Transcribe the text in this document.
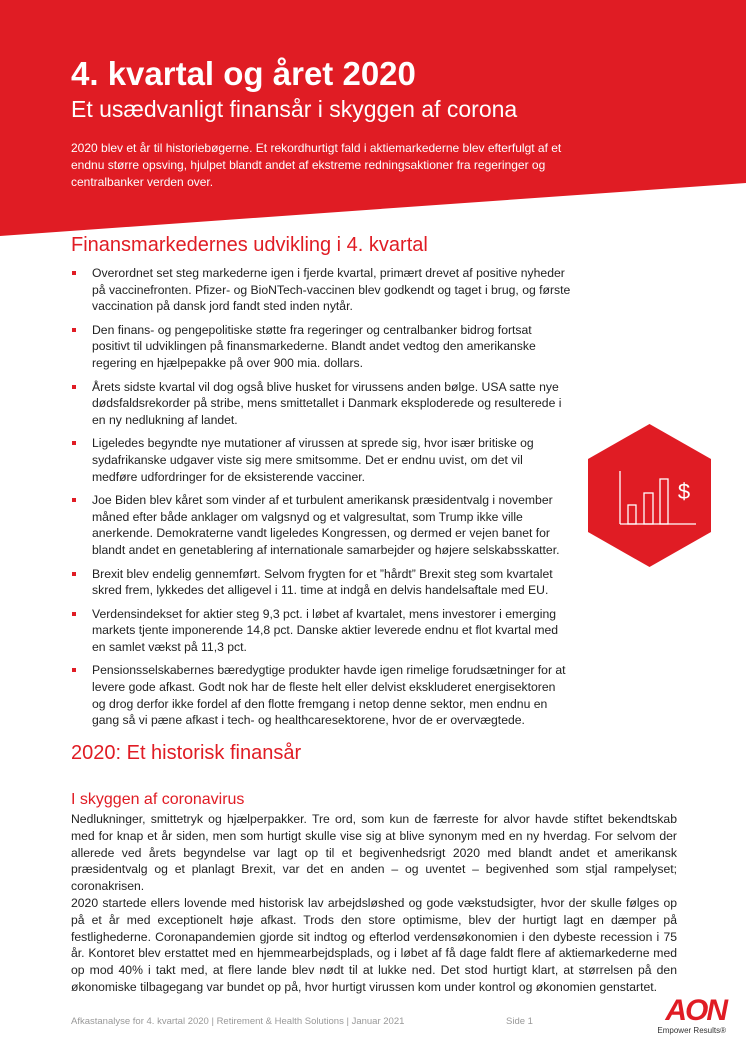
4. kvartal og året 2020
Et usædvanligt finansår i skyggen af corona
2020 blev et år til historiebøgerne. Et rekordhurtigt fald i aktiemarkederne blev efterfulgt af et endnu større opsving, hjulpet blandt andet af ekstreme redningsaktioner fra regeringer og centralbanker verden over.
Finansmarkedernes udvikling i 4. kvartal
Overordnet set steg markederne igen i fjerde kvartal, primært drevet af positive nyheder på vaccinefronten. Pfizer- og BioNTech-vaccinen blev godkendt og taget i brug, og første vaccination på dansk jord fandt sted inden nytår.
Den finans- og pengepolitiske støtte fra regeringer og centralbanker bidrog fortsat positivt til udviklingen på finansmarkederne. Blandt andet vedtog den amerikanske regering en hjælpepakke på over 900 mia. dollars.
Årets sidste kvartal vil dog også blive husket for virussens anden bølge. USA satte nye dødsfaldsrekorder på stribe, mens smittetallet i Danmark eksploderede og resulterede i en ny nedlukning af landet.
Ligeledes begyndte nye mutationer af virussen at sprede sig, hvor især britiske og sydafrikanske udgaver viste sig mere smitsomme. Det er endnu uvist, om det vil medføre udfordringer for de eksisterende vacciner.
Joe Biden blev kåret som vinder af et turbulent amerikansk præsidentvalg i november måned efter både anklager om valgsnyd og et valgresultat, som Trump ikke ville anerkende. Demokraterne vandt ligeledes Kongressen, og dermed er vejen banet for blandt andet en genetablering af internationale samarbejder og højere selskabsskatter.
Brexit blev endelig gennemført. Selvom frygten for et ”hårdt” Brexit steg som kvartalet skred frem, lykkedes det alligevel i 11. time at indgå en delvis handelsaftale med EU.
Verdensindekset for aktier steg 9,3 pct. i løbet af kvartalet, mens investorer i emerging markets tjente imponerende 14,8 pct. Danske aktier leverede endnu et flot kvartal med en samlet vækst på 11,3 pct.
Pensionsselskabernes bæredygtige produkter havde igen rimelige forudsætninger for at levere gode afkast. Godt nok har de fleste helt eller delvist ekskluderet energisektoren og drog derfor ikke fordel af den flotte fremgang i netop denne sektor, men endnu en gang så vi pæne afkast i tech- og healthcaresektorene, hvor de er overvægtede.
$
2020: Et historisk finansår
I skyggen af coronavirus
Nedlukninger, smittetryk og hjælperpakker. Tre ord, som kun de færreste for alvor havde stiftet bekendtskab med for knap et år siden, men som hurtigt skulle vise sig at blive synonym med en ny hverdag. For selvom der allerede ved årets begyndelse var lagt op til et begivenhedsrigt 2020 med blandt andet et amerikansk præsidentvalg og et planlagt Brexit, var det en anden – og uventet – begivenhed som stjal rampelyset; coronakrisen.
2020 startede ellers lovende med historisk lav arbejdsløshed og gode vækstudsigter, hvor der skulle følges op på et år med exceptionelt høje afkast. Trods den store optimisme, blev der hurtigt lagt en dæmper på festlighederne. Coronapandemien gjorde sit indtog og efterlod verdensøkonomien i den dybeste recession i 75 år. Kontoret blev erstattet med en hjemmearbejdsplads, og i løbet af få dage faldt flere af aktiemarkederne med op mod 40% i takt med, at flere lande blev nødt til at lukke ned. Det stod hurtigt klart, at størrelsen på den økonomiske tilbagegang var bundet op på, hvor hurtigt virussen kom under kontrol og økonomien genstartet.
Afkastanalyse for 4. kvartal 2020 | Retirement & Health Solutions | Januar 2021	Side 1	AON
Empower Results®
